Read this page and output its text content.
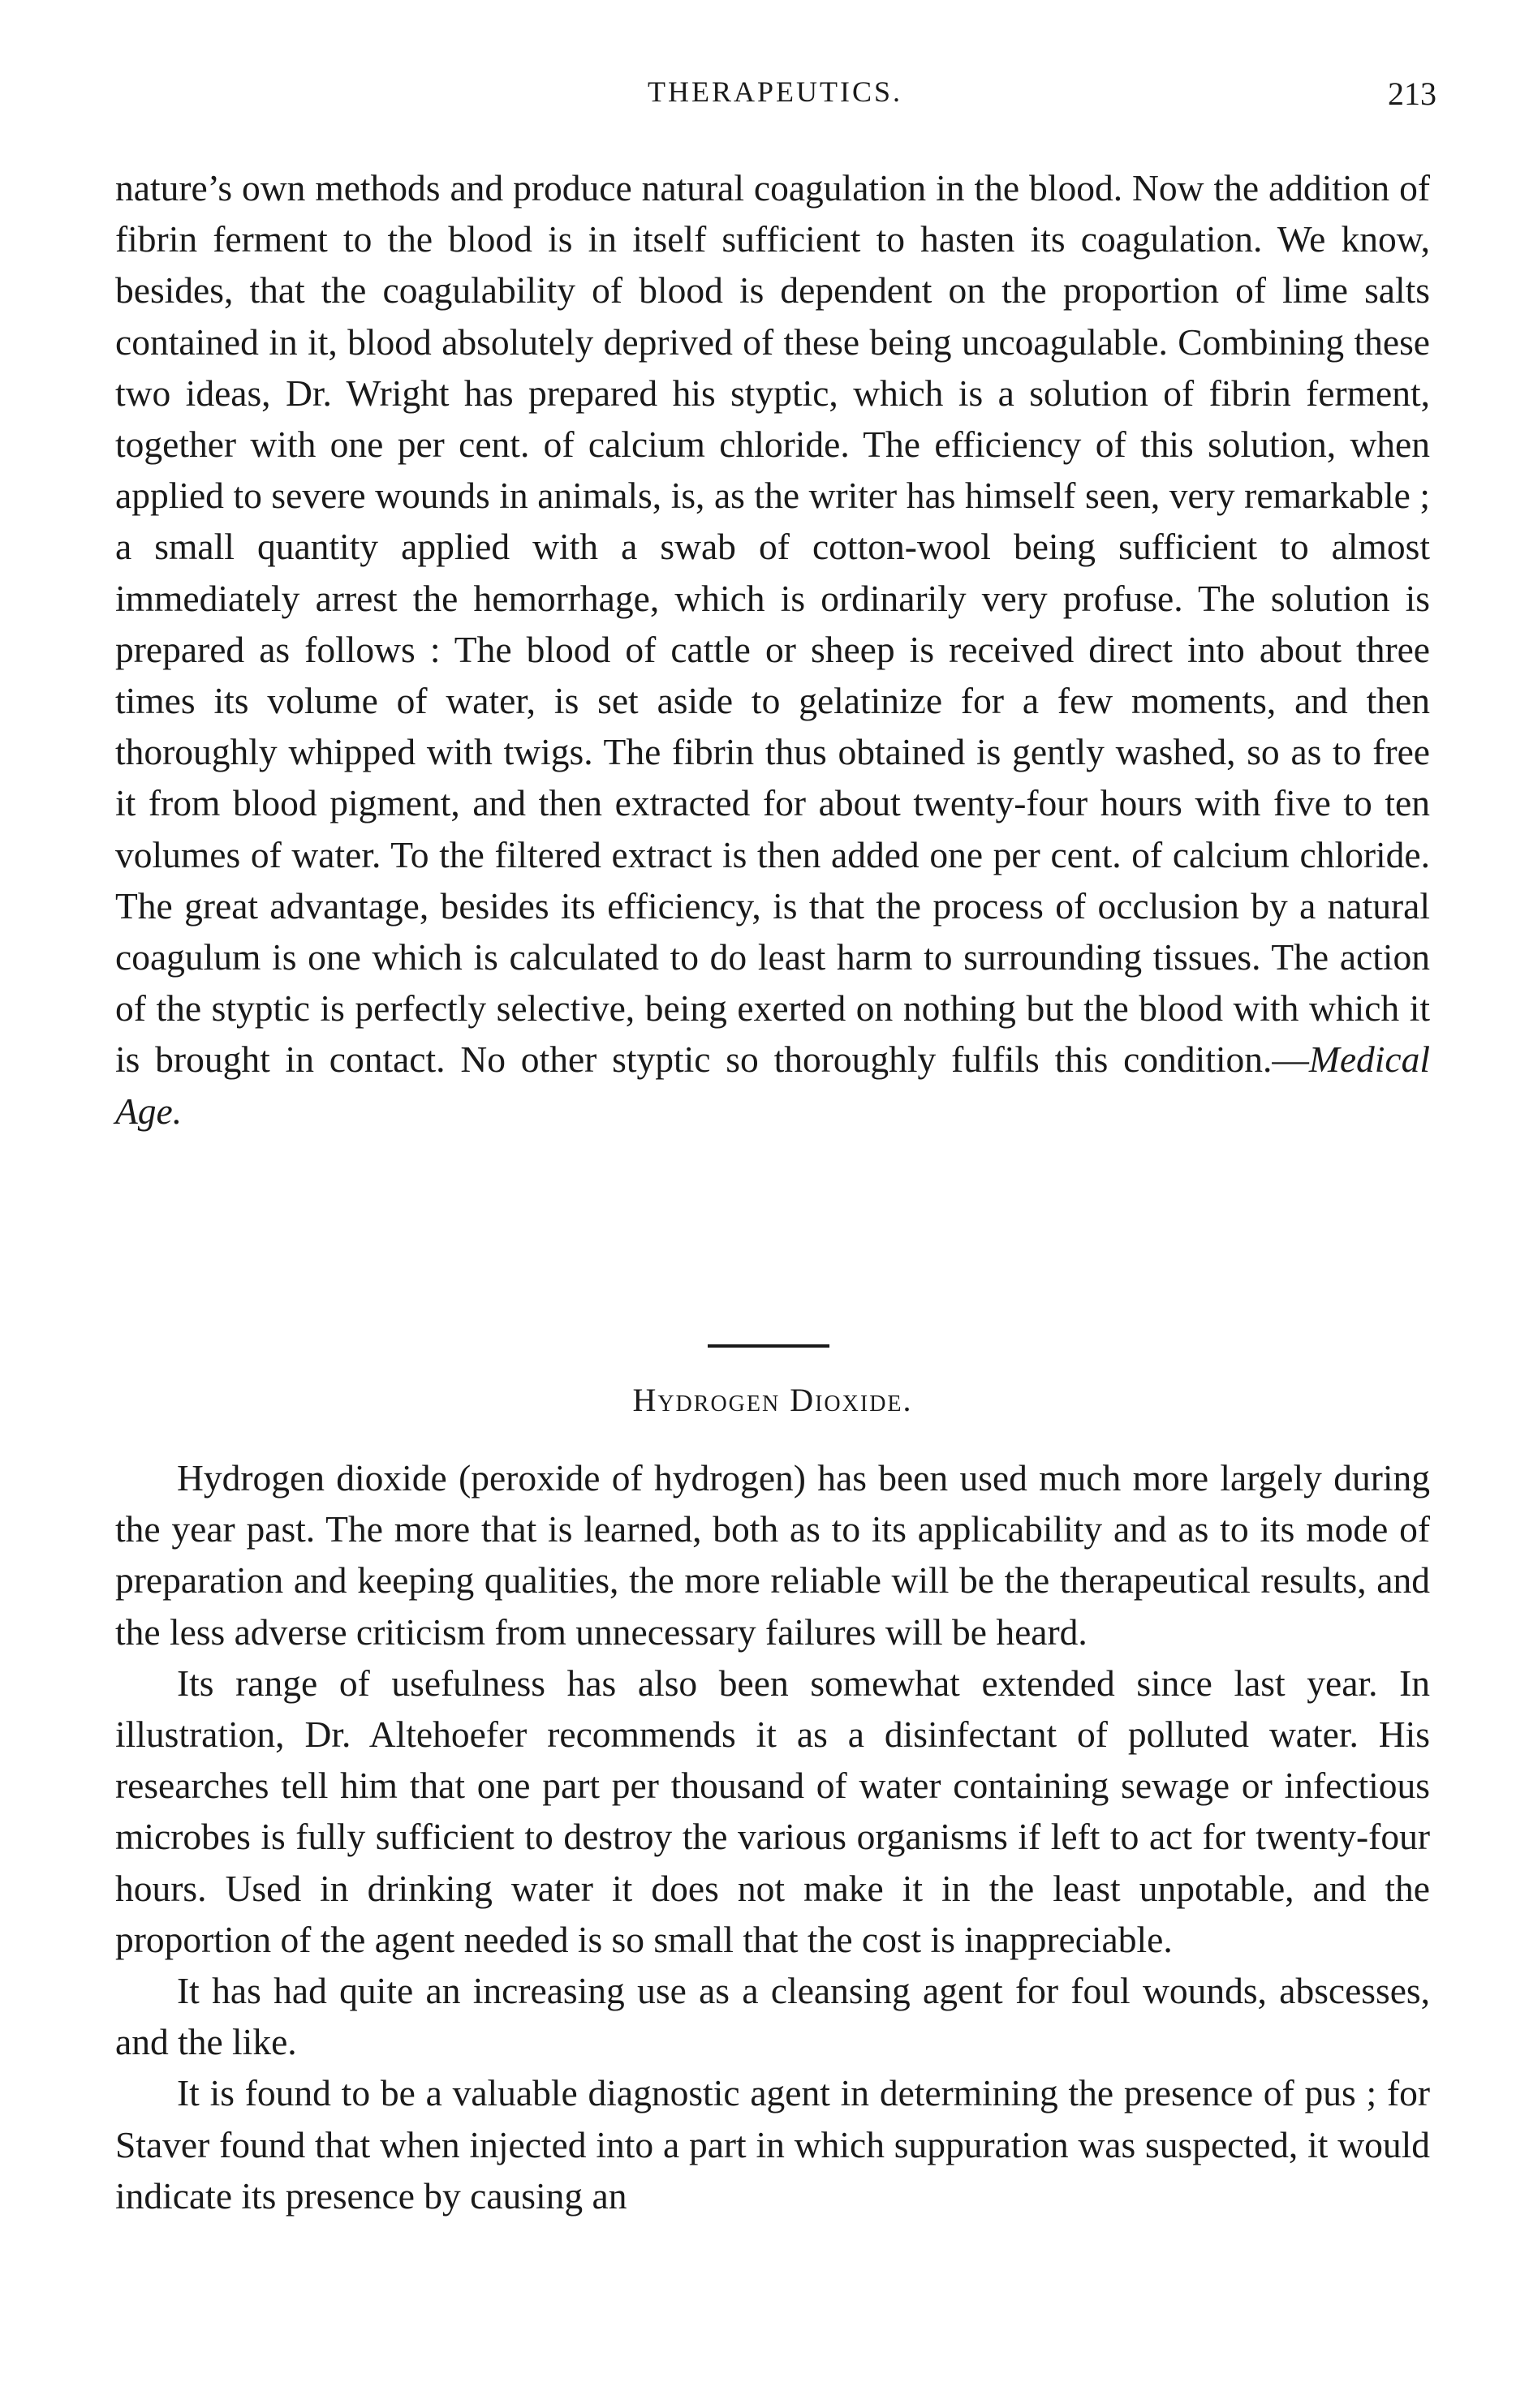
THERAPEUTICS.	213

nature’s own methods and produce natural coagulation in the blood. Now the addition of fibrin ferment to the blood is in itself sufficient to hasten its coagulation. We know, besides, that the coagulability of blood is dependent on the proportion of lime salts contained in it, blood absolutely deprived of these being uncoagulable. Combining these two ideas, Dr. Wright has prepared his styptic, which is a solution of fibrin ferment, together with one per cent. of calcium chloride. The efficiency of this solution, when applied to severe wounds in animals, is, as the writer has himself seen, very remarkable ; a small quantity applied with a swab of cotton-wool being sufficient to almost immediately arrest the hemorrhage, which is ordinarily very profuse. The solution is prepared as follows : The blood of cattle or sheep is received direct into about three times its volume of water, is set aside to gelatinize for a few moments, and then thoroughly whipped with twigs. The fibrin thus obtained is gently washed, so as to free it from blood pigment, and then extracted for about twenty-four hours with five to ten volumes of water. To the filtered extract is then added one per cent. of calcium chloride. The great advantage, besides its efficiency, is that the process of occlusion by a natural coagulum is one which is calculated to do least harm to surrounding tissues. The action of the styptic is perfectly selective, being exerted on nothing but the blood with which it is brought in contact. No other styptic so thoroughly fulfils this condition.—Medical Age.

Hydrogen Dioxide.

Hydrogen dioxide (peroxide of hydrogen) has been used much more largely during the year past. The more that is learned, both as to its applicability and as to its mode of preparation and keeping qualities, the more reliable will be the therapeutical results, and the less adverse criticism from unnecessary failures will be heard.

Its range of usefulness has also been somewhat extended since last year. In illustration, Dr. Altehoefer recommends it as a disinfectant of polluted water. His researches tell him that one part per thousand of water containing sewage or infectious microbes is fully sufficient to destroy the various organisms if left to act for twenty-four hours. Used in drinking water it does not make it in the least unpotable, and the proportion of the agent needed is so small that the cost is inappreciable.

It has had quite an increasing use as a cleansing agent for foul wounds, abscesses, and the like.

It is found to be a valuable diagnostic agent in determining the presence of pus ; for Staver found that when injected into a part in which suppuration was suspected, it would indicate its presence by causing an
